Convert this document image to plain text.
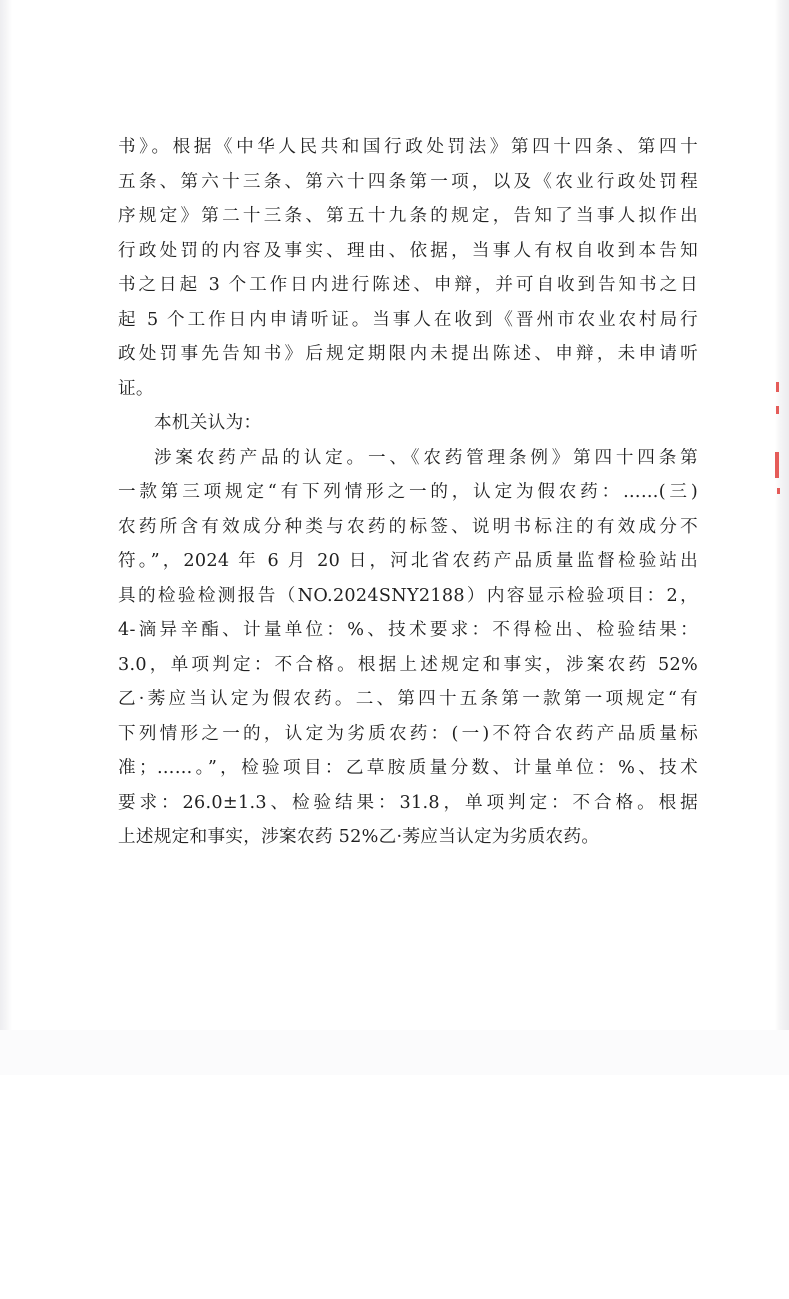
书》。根据《中华人民共和国行政处罚法》第四十四条、第四十
五条、第六十三条、第六十四条第一项，以及《农业行政处罚程
序规定》第二十三条、第五十九条的规定，告知了当事人拟作出
行政处罚的内容及事实、理由、依据，当事人有权自收到本告知
书之日起 3 个工作日内进行陈述、申辩，并可自收到告知书之日
起 5 个工作日内申请听证。当事人在收到《晋州市农业农村局行
政处罚事先告知书》后规定期限内未提出陈述、申辩，未申请听
证。
本机关认为：
涉案农药产品的认定。一、《农药管理条例》第四十四条第
一款第三项规定“有下列情形之一的，认定为假农药：……(三)
农药所含有效成分种类与农药的标签、说明书标注的有效成分不
符。”，2024 年 6 月 20 日，河北省农药产品质量监督检验站出
具的检验检测报告（NO.2024SNY2188）内容显示检验项目：2，
4-滴异辛酯、计量单位：%、技术要求：不得检出、检验结果：
3.0，单项判定：不合格。根据上述规定和事实，涉案农药 52%
乙·莠应当认定为假农药。二、第四十五条第一款第一项规定“有
下列情形之一的，认定为劣质农药：(一)不符合农药产品质量标
准；……。”，检验项目：乙草胺质量分数、计量单位：%、技术
要求：26.0±1.3、检验结果：31.8，单项判定：不合格。根据
上述规定和事实，涉案农药 52%乙·莠应当认定为劣质农药。
